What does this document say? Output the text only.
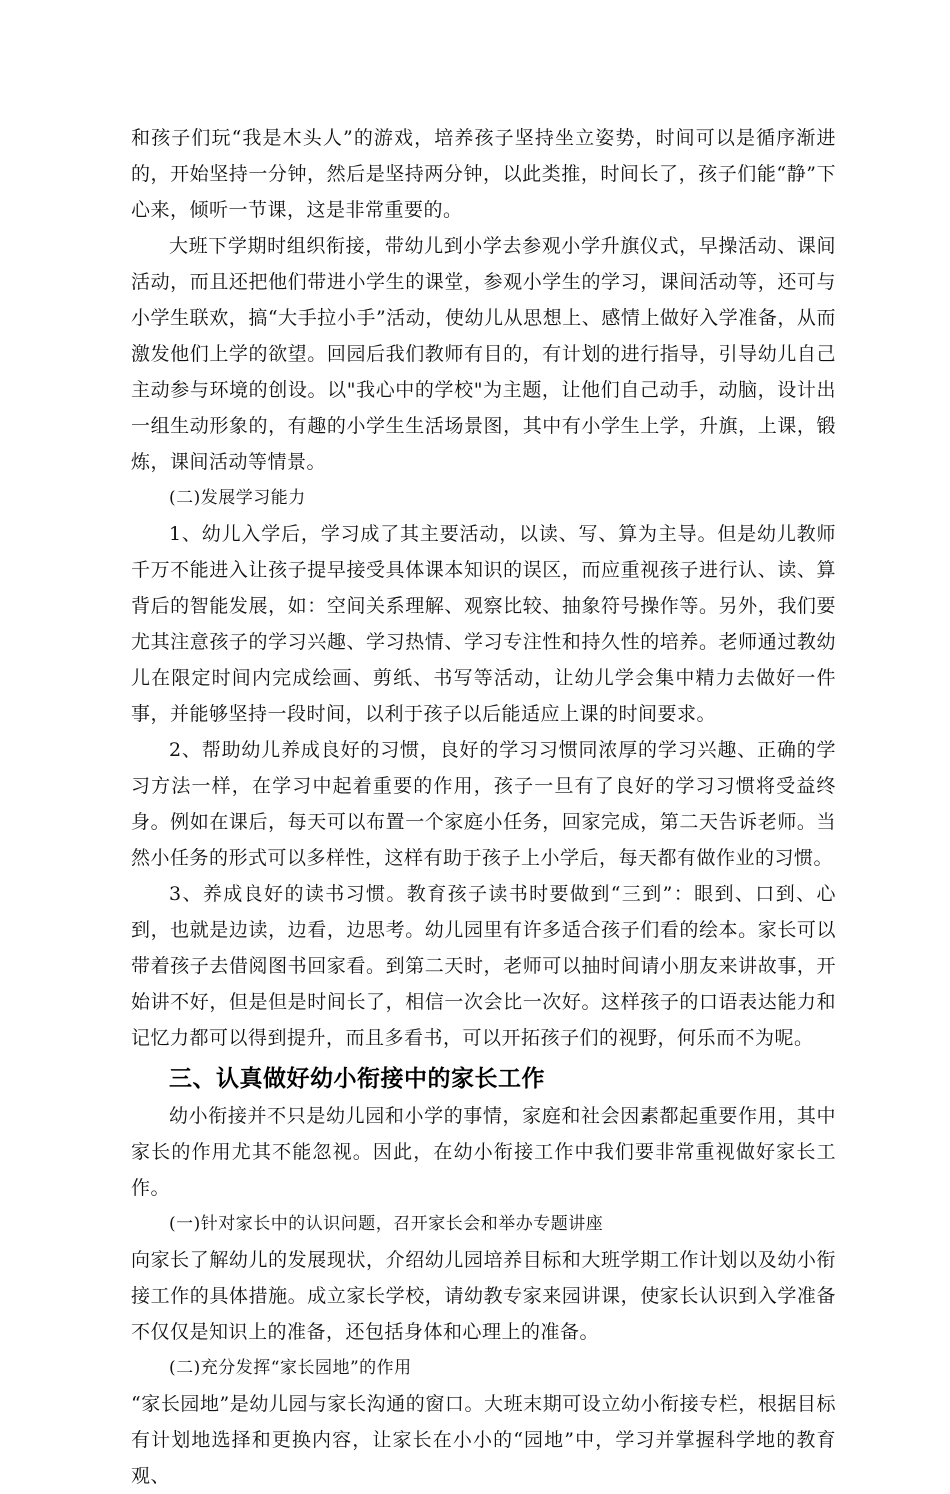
和孩子们玩“我是木头人”的游戏，培养孩子坚持坐立姿势，时间可以是循序渐进的，开始坚持一分钟，然后是坚持两分钟，以此类推，时间长了，孩子们能“静”下心来，倾听一节课，这是非常重要的。

大班下学期时组织衔接，带幼儿到小学去参观小学升旗仪式，早操活动、课间活动，而且还把他们带进小学生的课堂，参观小学生的学习，课间活动等，还可与小学生联欢，搞“大手拉小手”活动，使幼儿从思想上、感情上做好入学准备，从而激发他们上学的欲望。回园后我们教师有目的，有计划的进行指导，引导幼儿自己主动参与环境的创设。以"我心中的学校"为主题，让他们自己动手，动脑，设计出一组生动形象的，有趣的小学生生活场景图，其中有小学生上学，升旗，上课，锻炼，课间活动等情景。

(二)发展学习能力

1、幼儿入学后，学习成了其主要活动，以读、写、算为主导。但是幼儿教师千万不能进入让孩子提早接受具体课本知识的误区，而应重视孩子进行认、读、算背后的智能发展，如：空间关系理解、观察比较、抽象符号操作等。另外，我们要尤其注意孩子的学习兴趣、学习热情、学习专注性和持久性的培养。老师通过教幼儿在限定时间内完成绘画、剪纸、书写等活动，让幼儿学会集中精力去做好一件事，并能够坚持一段时间，以利于孩子以后能适应上课的时间要求。

2、帮助幼儿养成良好的习惯，良好的学习习惯同浓厚的学习兴趣、正确的学习方法一样，在学习中起着重要的作用，孩子一旦有了良好的学习习惯将受益终身。例如在课后，每天可以布置一个家庭小任务，回家完成，第二天告诉老师。当然小任务的形式可以多样性，这样有助于孩子上小学后，每天都有做作业的习惯。

3、养成良好的读书习惯。教育孩子读书时要做到“三到”：眼到、口到、心到，也就是边读，边看，边思考。幼儿园里有许多适合孩子们看的绘本。家长可以带着孩子去借阅图书回家看。到第二天时，老师可以抽时间请小朋友来讲故事，开始讲不好，但是但是时间长了，相信一次会比一次好。这样孩子的口语表达能力和记忆力都可以得到提升，而且多看书，可以开拓孩子们的视野，何乐而不为呢。

三、认真做好幼小衔接中的家长工作

幼小衔接并不只是幼儿园和小学的事情，家庭和社会因素都起重要作用，其中家长的作用尤其不能忽视。因此，在幼小衔接工作中我们要非常重视做好家长工作。

(一)针对家长中的认识问题，召开家长会和举办专题讲座

向家长了解幼儿的发展现状，介绍幼儿园培养目标和大班学期工作计划以及幼小衔接工作的具体措施。成立家长学校，请幼教专家来园讲课，使家长认识到入学准备不仅仅是知识上的准备，还包括身体和心理上的准备。

(二)充分发挥“家长园地”的作用

“家长园地”是幼儿园与家长沟通的窗口。大班末期可设立幼小衔接专栏，根据目标有计划地选择和更换内容，让家长在小小的“园地”中，学习并掌握科学地的教育观、
